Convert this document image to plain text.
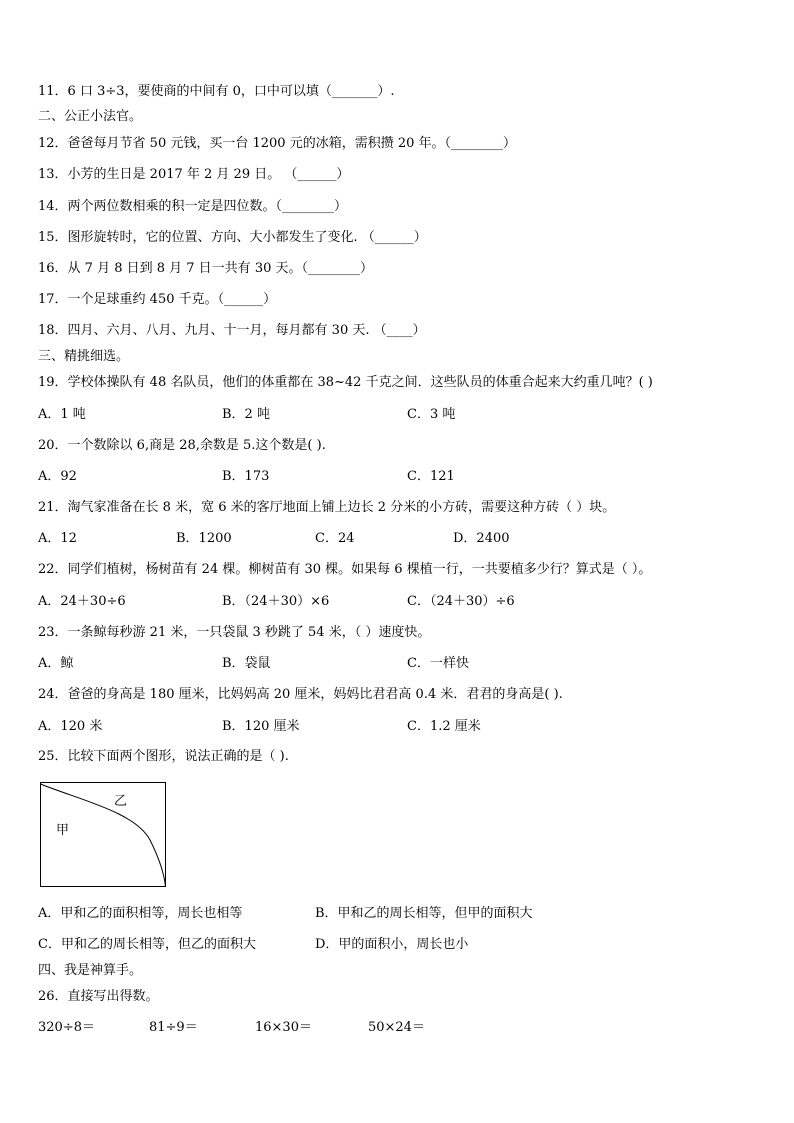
11．6 口 3÷3，要使商的中间有 0，口中可以填（_______）.
二、公正小法官。
12．爸爸每月节省 50 元钱，买一台 1200 元的冰箱，需积攒 20 年。（________）
13．小芳的生日是 2017 年 2 月 29 日。 （______）
14．两个两位数相乘的积一定是四位数。（________）
15．图形旋转时，它的位置、方向、大小都发生了变化. （______）
16．从 7 月 8 日到 8 月 7 日一共有 30 天。（________）
17．一个足球重约 450 千克。（______）
18．四月、六月、八月、九月、十一月，每月都有 30 天. （____）
三、精挑细选。
19．学校体操队有 48 名队员，他们的体重都在 38~42 千克之间．这些队员的体重合起来大约重几吨？( )
A．1 吨	B．2 吨	C．3 吨
20．一个数除以 6,商是 28,余数是 5.这个数是( ).
A．92	B．173	C．121
21．淘气家准备在长 8 米，宽 6 米的客厅地面上铺上边长 2 分米的小方砖，需要这种方砖（ ）块。
A．12	B．1200	C．24	D．2400
22．同学们植树，杨树苗有 24 棵。柳树苗有 30 棵。如果每 6 棵植一行，一共要植多少行？算式是（ ）。
A．24＋30÷6	B．（24＋30）×6	C．（24＋30）÷6
23．一条鲸每秒游 21 米，一只袋鼠 3 秒跳了 54 米，（ ）速度快。
A．鲸	B．袋鼠	C．一样快
24．爸爸的身高是 180 厘米，比妈妈高 20 厘米，妈妈比君君高 0.4 米．君君的身高是( ).
A．120 米	B．120 厘米	C．1.2 厘米
25．比较下面两个图形，说法正确的是（ ).
甲
乙
A．甲和乙的面积相等，周长也相等	B．甲和乙的周长相等，但甲的面积大
C．甲和乙的周长相等，但乙的面积大	D．甲的面积小，周长也小
四、我是神算手。
26．直接写出得数。
320÷8＝	81÷9＝	16×30＝	50×24＝
